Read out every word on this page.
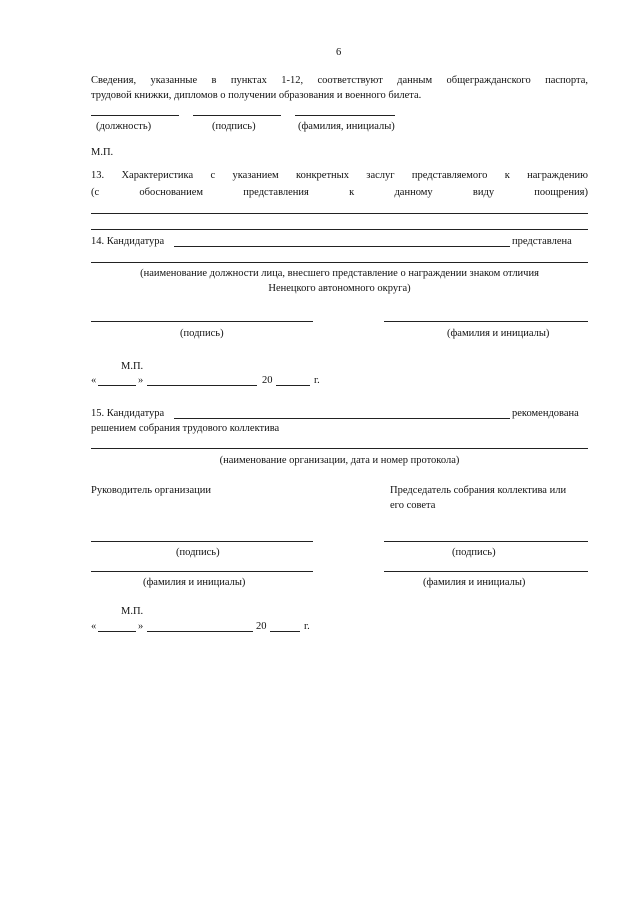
6
Сведения, указанные в пунктах 1-12, соответствуют данным общегражданского паспорта,
трудовой книжки, дипломов о получении образования и военного билета.
(должность)	(подпись)	(фамилия, инициалы)
М.П.
13. Характеристика с указанием конкретных заслуг представляемого к награждению
(с обоснованием представления к данному виду поощрения)
14. Кандидатура	представлена
(наименование должности лица, внесшего представление о награждении знаком отличия
Ненецкого автономного округа)
(подпись)	(фамилия и инициалы)
М.П.
«	»	20	г.
15. Кандидатура	рекомендована
решением собрания трудового коллектива
(наименование организации, дата и номер протокола)
Руководитель организации	Председатель собрания коллектива или
его совета
(подпись)	(подпись)
(фамилия и инициалы)	(фамилия и инициалы)
М.П.
«	»	20	г.
